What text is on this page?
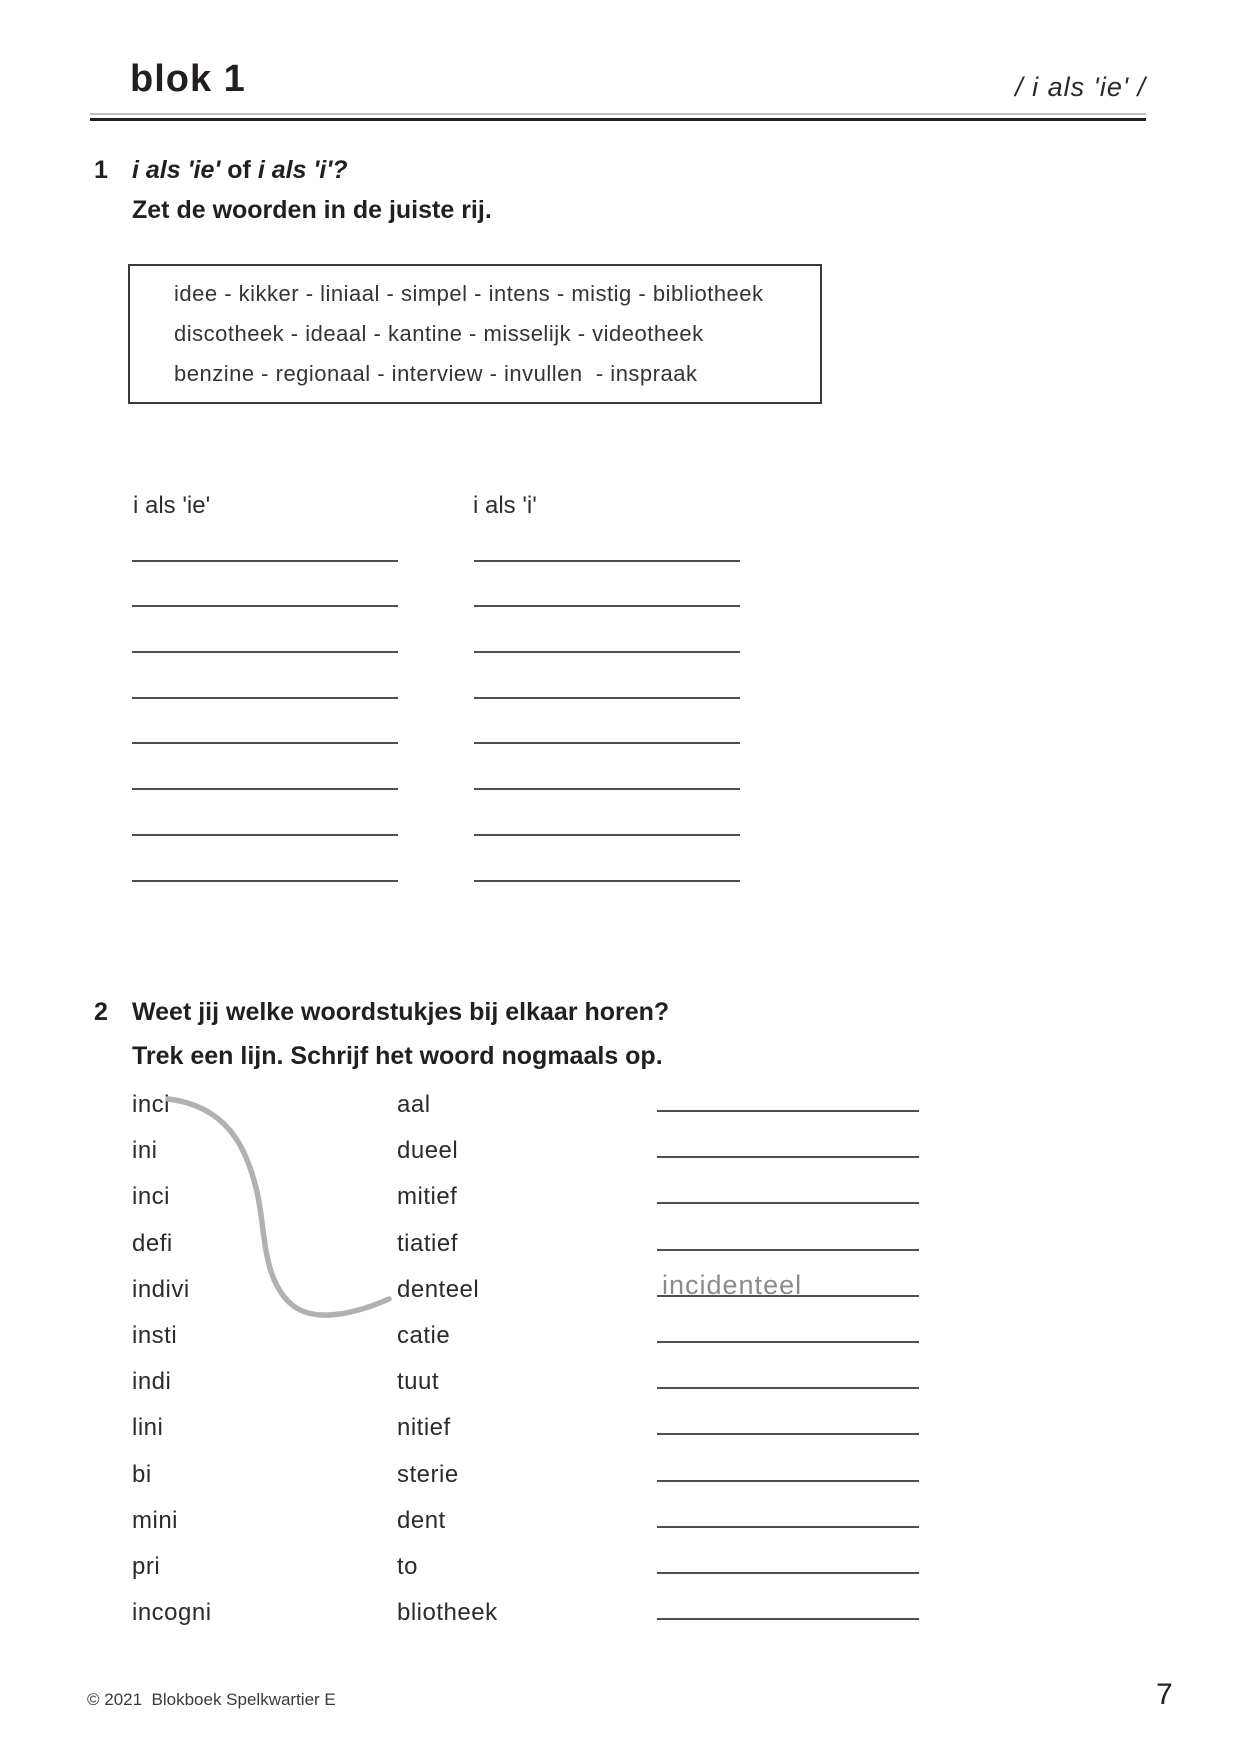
blok 1	/ i als 'ie' /
1 i als 'ie' of i als 'i'?
Zet de woorden in de juiste rij.
idee - kikker - liniaal - simpel - intens - mistig - bibliotheek
discotheek - ideaal - kantine - misselijk - videotheek
benzine - regionaal - interview - invullen  - inspraak
i als 'ie'	i als 'i'
2 Weet jij welke woordstukjes bij elkaar horen?
Trek een lijn. Schrijf het woord nogmaals op.
inci	aal
ini	dueel
inci	mitief
defi	tiatief
indivi	denteel	incidenteel
insti	catie
indi	tuut
lini	nitief
bi	sterie
mini	dent
pri	to
incogni	bliotheek
© 2021  Blokboek Spelkwartier E	7
